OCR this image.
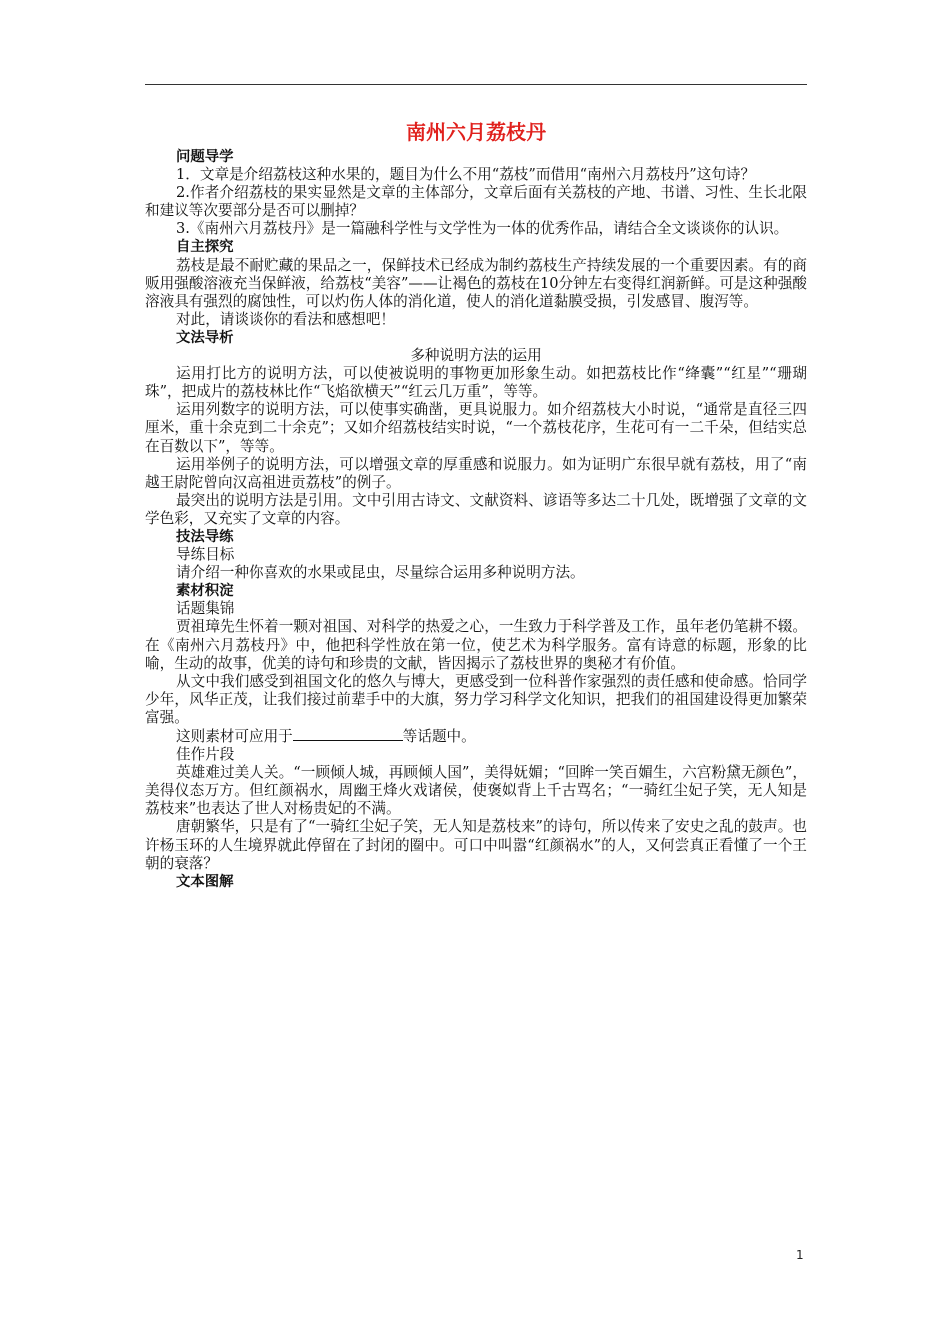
南州六月荔枝丹
问题导学

1．文章是介绍荔枝这种水果的，题目为什么不用“荔枝”而借用“南州六月荔枝丹”这句诗？

2.作者介绍荔枝的果实显然是文章的主体部分，文章后面有关荔枝的产地、书谱、习性、生长北限和建议等次要部分是否可以删掉？

3.《南州六月荔枝丹》是一篇融科学性与文学性为一体的优秀作品，请结合全文谈谈你的认识。

自主探究

荔枝是最不耐贮藏的果品之一，保鲜技术已经成为制约荔枝生产持续发展的一个重要因素。有的商贩用强酸溶液充当保鲜液，给荔枝“美容”——让褐色的荔枝在10分钟左右变得红润新鲜。可是这种强酸溶液具有强烈的腐蚀性，可以灼伤人体的消化道，使人的消化道黏膜受损，引发感冒、腹泻等。

对此，请谈谈你的看法和感想吧！

文法导析

多种说明方法的运用

运用打比方的说明方法，可以使被说明的事物更加形象生动。如把荔枝比作“绛囊”“红星”“珊瑚珠”，把成片的荔枝林比作“飞焰欲横天”“红云几万重”，等等。

运用列数字的说明方法，可以使事实确凿，更具说服力。如介绍荔枝大小时说，“通常是直径三四厘米，重十余克到二十余克”；又如介绍荔枝结实时说，“一个荔枝花序，生花可有一二千朵，但结实总在百数以下”，等等。

运用举例子的说明方法，可以增强文章的厚重感和说服力。如为证明广东很早就有荔枝，用了“南越王尉陀曾向汉高祖进贡荔枝”的例子。

最突出的说明方法是引用。文中引用古诗文、文献资料、谚语等多达二十几处，既增强了文章的文学色彩，又充实了文章的内容。

技法导练

导练目标

请介绍一种你喜欢的水果或昆虫，尽量综合运用多种说明方法。

素材积淀

话题集锦

贾祖璋先生怀着一颗对祖国、对科学的热爱之心，一生致力于科学普及工作，虽年老仍笔耕不辍。在《南州六月荔枝丹》中，他把科学性放在第一位，使艺术为科学服务。富有诗意的标题，形象的比喻，生动的故事，优美的诗句和珍贵的文献，皆因揭示了荔枝世界的奥秘才有价值。

从文中我们感受到祖国文化的悠久与博大，更感受到一位科普作家强烈的责任感和使命感。恰同学少年，风华正茂，让我们接过前辈手中的大旗，努力学习科学文化知识，把我们的祖国建设得更加繁荣富强。

这则素材可应用于	等话题中。

佳作片段

英雄难过美人关。“一顾倾人城，再顾倾人国”，美得妩媚；“回眸一笑百媚生，六宫粉黛无颜色”，美得仪态万方。但红颜祸水，周幽王烽火戏诸侯，使褒姒背上千古骂名；“一骑红尘妃子笑，无人知是荔枝来”也表达了世人对杨贵妃的不满。

唐朝繁华，只是有了“一骑红尘妃子笑，无人知是荔枝来”的诗句，所以传来了安史之乱的鼓声。也许杨玉环的人生境界就此停留在了封闭的圈中。可口中叫嚣“红颜祸水”的人，又何尝真正看懂了一个王朝的衰落？

文本图解
1
